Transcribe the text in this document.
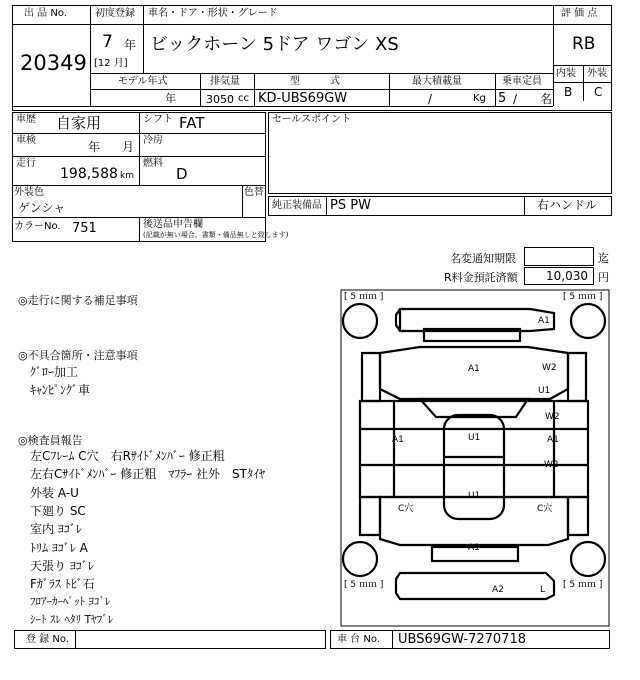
出 品 No.
20349
初度登録
7 年
[12 月]
車名・ドア・形状・グレード
ビックホーン 5ドア ワゴン XS
評 価 点
RB
内装 外装
B C
モデル年式	排気量	型　　　式	最大積載量	乗車定員
年	3050 cc KD-UBS69GW	/	Kg 5 / 名
車歴 自家用	シフト FAT
車検	年 月 冷房
走行
198,588 km
燃料
D
外装色
ゲンシャ
色替
カラーNo. 751	後送品申告欄
(記載が無い場合、書類・備品無しと致します)
セールスポイント
純正装備品 PS PW	右ハンドル
名変通知期限	迄
R料金預託済額 10,030 円
◎走行に関する補足事項
◎不具合箇所・注意事項
ｸﾞﾛｰ加工
ｷｬﾝﾋﾟﾝｸﾞ車
◎検査員報告
左Cﾌﾚｰﾑ C穴　右Rｻｲﾄﾞﾒﾝﾊﾞｰ 修正粗
左右Cｻｲﾄﾞﾒﾝﾊﾞｰ 修正粗　ﾏﾌﾗｰ 社外　STﾀｲﾔ
外装 A-U
下廻り SC
室内 ﾖｺﾞﾚ
ﾄﾘﾑ ﾖｺﾞﾚ A
天張り ﾖｺﾞﾚ
Fｶﾞﾗｽ ﾄﾋﾞ石
ﾌﾛｱｰｶｰﾍﾟｯﾄ ﾖｺﾞﾚ
ｼｰﾄ ｽﾚ ﾍﾀﾘ Tﾔﾌﾞﾚ
[ 5 ｍｍ ]	[ 5 ｍｍ ]
[ 5 ｍｍ ]	[ 5 ｍｍ ]
A1
A1	W2
U1
W2
A1
A1	U1
W2
U1
C穴	C穴
A1
A2	L
登 録 No.	車 台 No. UBS69GW-7270718
